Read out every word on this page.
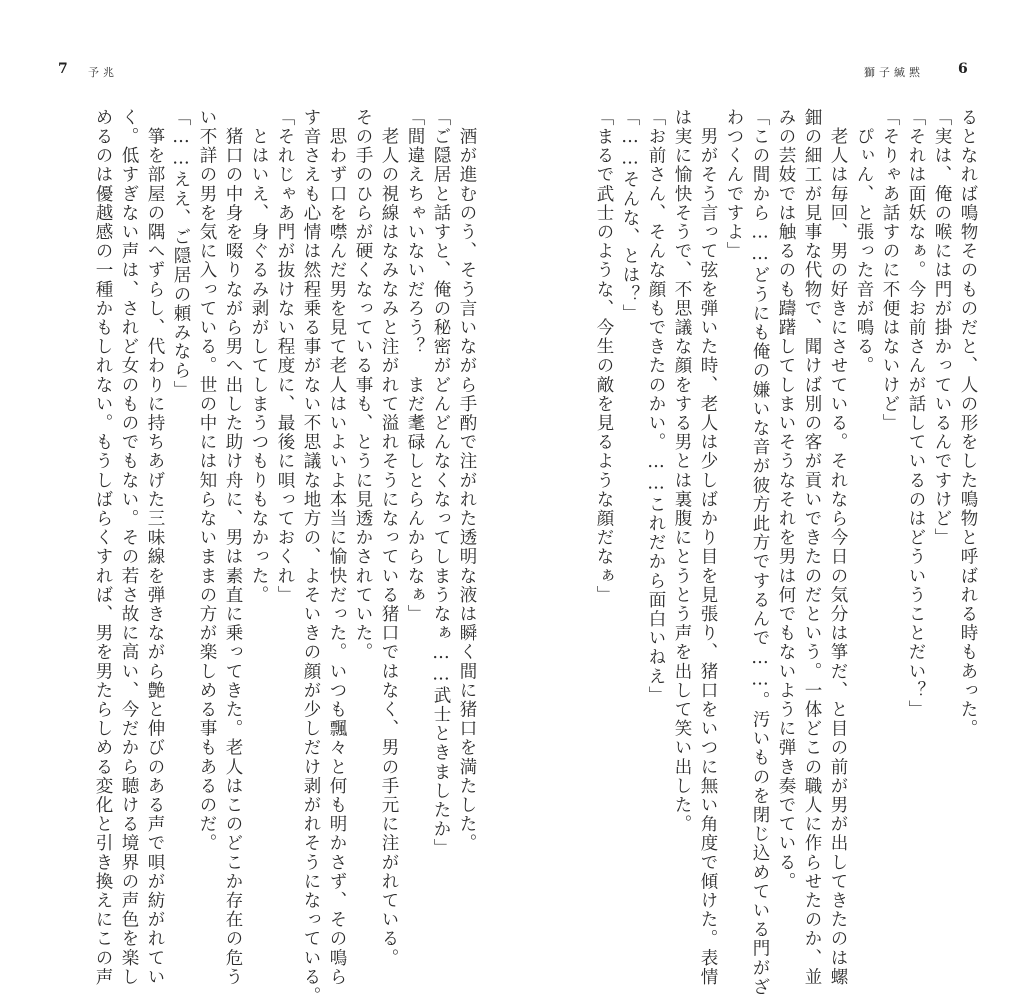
獅子緘黙 6
るとなれば鳴物そのものだと、人の形をした鳴物と呼ばれる時もあった。
「実は、俺の喉には門が掛かっているんですけど」
「それは面妖なぁ。今お前さんが話しているのはどういうことだい？」
「そりゃあ話すのに不便はないけど」
　ぴぃん、と張った音が鳴る。
　老人は毎回、男の好きにさせている。それなら今日の気分は箏だ、と目の前が男が出してきたのは螺
鈿の細工が見事な代物で、聞けば別の客が貢いできたのだという。一体どこの職人に作らせたのか、並
みの芸妓では触るのも躊躇してしまいそうなそれを男は何でもないように弾き奏でている。
「この間から……どうにも俺の嫌いな音が彼方此方でするんで……。汚いものを閉じ込めている門がざ
わつくんですよ」
　男がそう言って弦を弾いた時、老人は少しばかり目を見張り、猪口をいつに無い角度で傾けた。表情
は実に愉快そうで、不思議な顔をする男とは裏腹にとうとう声を出して笑い出した。
「お前さん、そんな顔もできたのかい。……これだから面白いねえ」
「……そんな、とは？」
「まるで武士のような、今生の敵を見るような顔だなぁ」
7 予兆
　酒が進むのう、そう言いながら手酌で注がれた透明な液は瞬く間に猪口を満たした。
「ご隠居と話すと、俺の秘密がどんどんなくなってしまうなぁ……武士ときましたか」
「間違えちゃいないだろう？　まだ耄碌しとらんからなぁ」
　老人の視線はなみなみと注がれて溢れそうになっている猪口ではなく、男の手元に注がれている。
その手のひらが硬くなっている事も、とうに見透かされていた。
　思わず口を噤んだ男を見て老人はいよいよ本当に愉快だった。いつも飄々と何も明かさず、その鳴ら
す音さえも心情は然程乗る事がない不思議な地方の、よそいきの顔が少しだけ剥がれそうになっている。
「それじゃあ門が抜けない程度に、最後に唄っておくれ」
　とはいえ、身ぐるみ剥がしてしまうつもりもなかった。
　猪口の中身を啜りながら男へ出した助け舟に、男は素直に乗ってきた。老人はこのどこか存在の危う
い不詳の男を気に入っている。世の中には知らないままの方が楽しめる事もあるのだ。
「……ええ、ご隠居の頼みなら」
　箏を部屋の隅へずらし、代わりに持ちあげた三味線を弾きながら艶と伸びのある声で唄が紡がれてい
く。低すぎない声は、されど女のものでもない。その若さ故に高い、今だから聴ける境界の声色を楽し
めるのは優越感の一種かもしれない。もうしばらくすれば、男を男たらしめる変化と引き換えにこの声
